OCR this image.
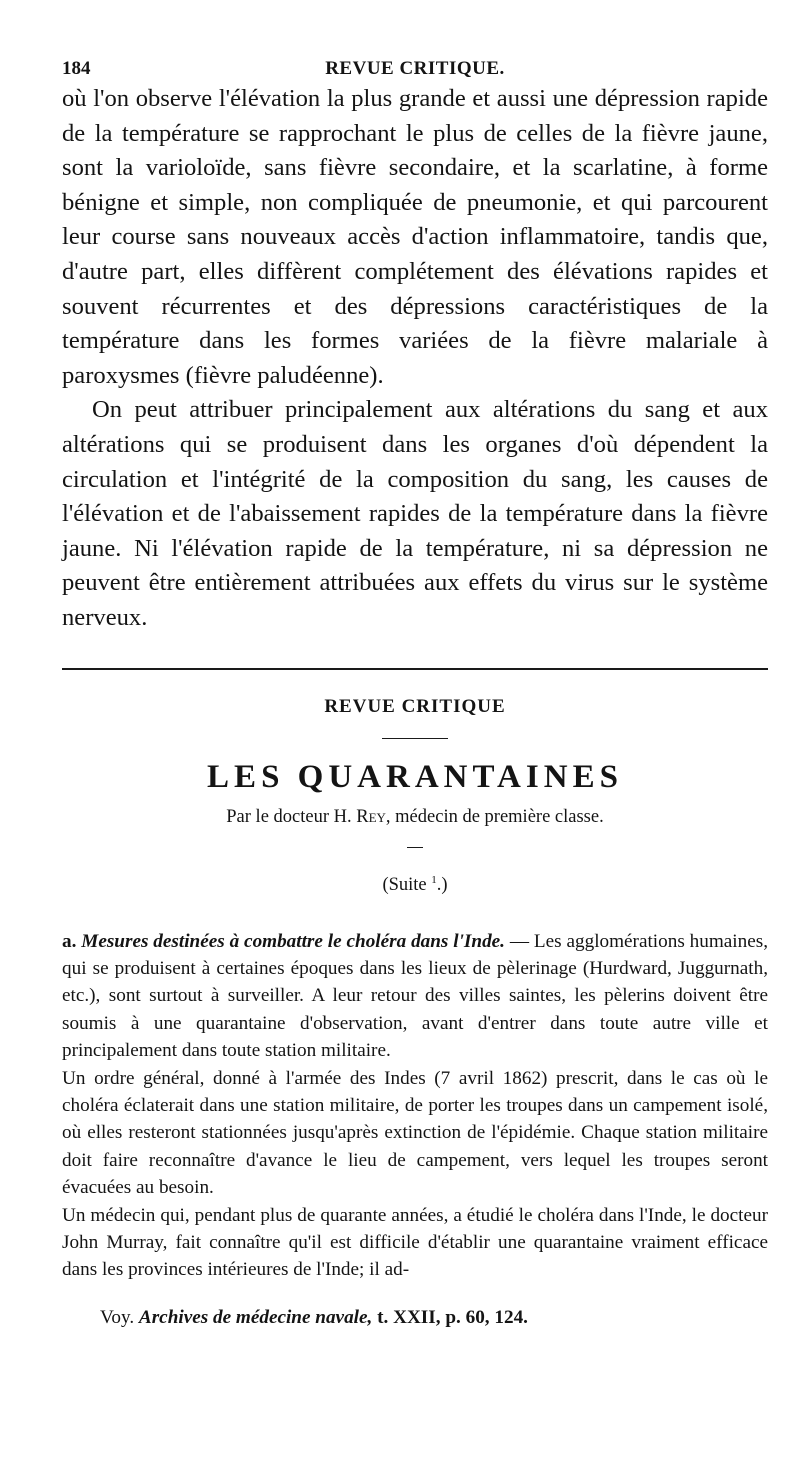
184	REVUE CRITIQUE.

où l'on observe l'élévation la plus grande et aussi une dépression rapide de la température se rapprochant le plus de celles de la fièvre jaune, sont la varioloïde, sans fièvre secondaire, et la scarlatine, à forme bénigne et simple, non compliquée de pneumonie, et qui parcourent leur course sans nouveaux accès d'action inflammatoire, tandis que, d'autre part, elles diffèrent complétement des élévations rapides et souvent récurrentes et des dépressions caractéristiques de la température dans les formes variées de la fièvre malariale à paroxysmes (fièvre paludéenne).

On peut attribuer principalement aux altérations du sang et aux altérations qui se produisent dans les organes d'où dépendent la circulation et l'intégrité de la composition du sang, les causes de l'élévation et de l'abaissement rapides de la température dans la fièvre jaune. Ni l'élévation rapide de la température, ni sa dépression ne peuvent être entièrement attribuées aux effets du virus sur le système nerveux.

REVUE CRITIQUE
LES QUARANTAINES
Par le docteur H. Rey, médecin de première classe.
(Suite $^1$.)

a. Mesures destinées à combattre le choléra dans l'Inde. — Les agglomérations humaines, qui se produisent à certaines époques dans les lieux de pèlerinage (Hurdward, Juggurnath, etc.), sont surtout à surveiller. A leur retour des villes saintes, les pèlerins doivent être soumis à une quarantaine d'observation, avant d'entrer dans toute autre ville et principalement dans toute station militaire.

Un ordre général, donné à l'armée des Indes (7 avril 1862) prescrit, dans le cas où le choléra éclaterait dans une station militaire, de porter les troupes dans un campement isolé, où elles resteront stationnées jusqu'après extinction de l'épidémie. Chaque station militaire doit faire reconnaître d'avance le lieu de campement, vers lequel les troupes seront évacuées au besoin.

Un médecin qui, pendant plus de quarante années, a étudié le choléra dans l'Inde, le docteur John Murray, fait connaître qu'il est difficile d'établir une quarantaine vraiment efficace dans les provinces intérieures de l'Inde; il ad-

Voy. Archives de médecine navale, t. XXII, p. 60, 124.
